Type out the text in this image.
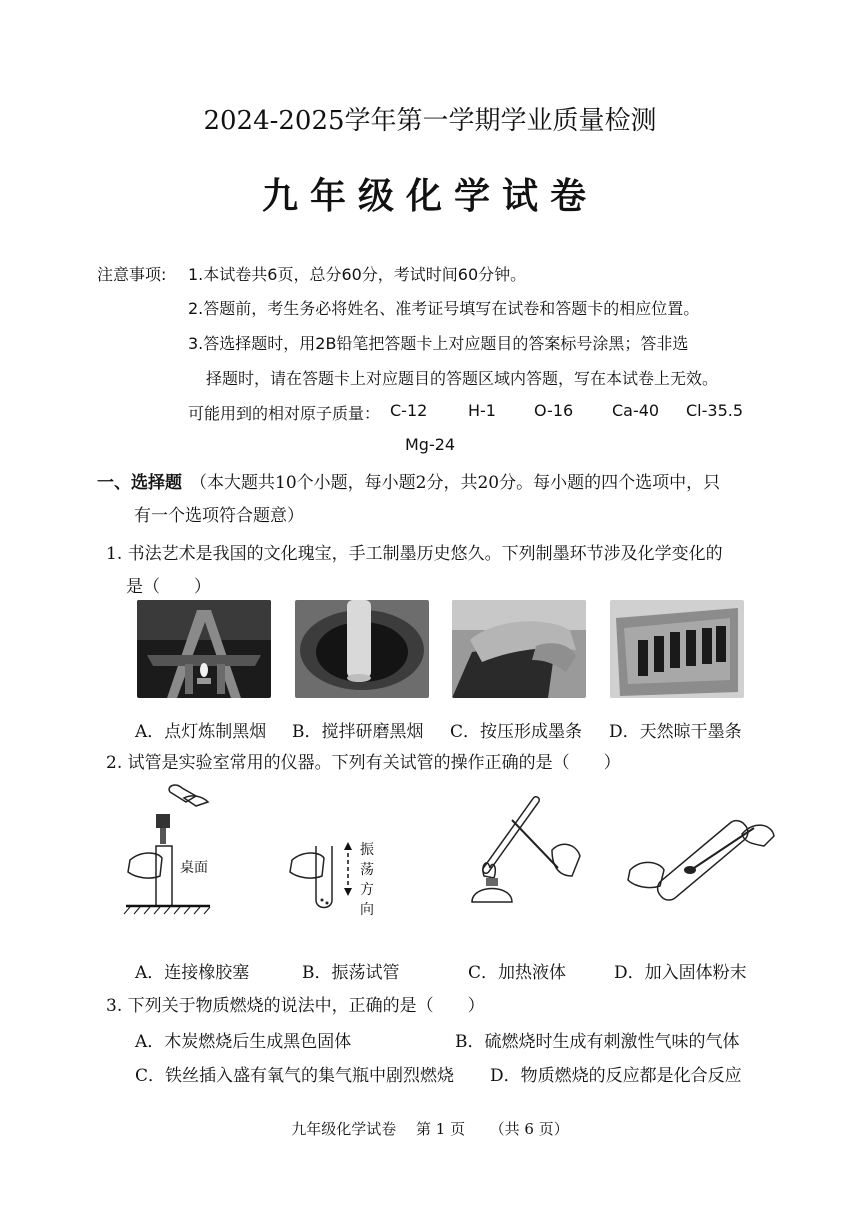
2024-2025学年第一学期学业质量检测
九年级化学试卷
注意事项: 1.本试卷共6页，总分60分，考试时间60分钟。
2.答题前，考生务必将姓名、准考证号填写在试卷和答题卡的相应位置。
3.答选择题时，用2B铅笔把答题卡上对应题目的答案标号涂黑；答非选
择题时，请在答题卡上对应题目的答题区域内答题，写在本试卷上无效。
可能用到的相对原子质量： C-12	H-1 O-16 Ca-40 Cl-35.5
Mg-24
一、选择题 （本大题共10个小题，每小题2分，共20分。每小题的四个选项中，只
有一个选项符合题意）
1. 书法艺术是我国的文化瑰宝，手工制墨历史悠久。下列制墨环节涉及化学变化的
是（　　）
A．点灯炼制黑烟 B．搅拌研磨黑烟 C．按压形成墨条 D．天然晾干墨条
2. 试管是实验室常用的仪器。下列有关试管的操作正确的是（　　）
桌面
振
荡
方
向
A．连接橡胶塞	B．振荡试管	C．加热液体	D．加入固体粉末
3. 下列关于物质燃烧的说法中，正确的是（　　）
A．木炭燃烧后生成黑色固体	B．硫燃烧时生成有刺激性气味的气体
C．铁丝插入盛有氧气的集气瓶中剧烈燃烧 D．物质燃烧的反应都是化合反应
九年级化学试卷　 第 1 页 　 （共 6 页）
